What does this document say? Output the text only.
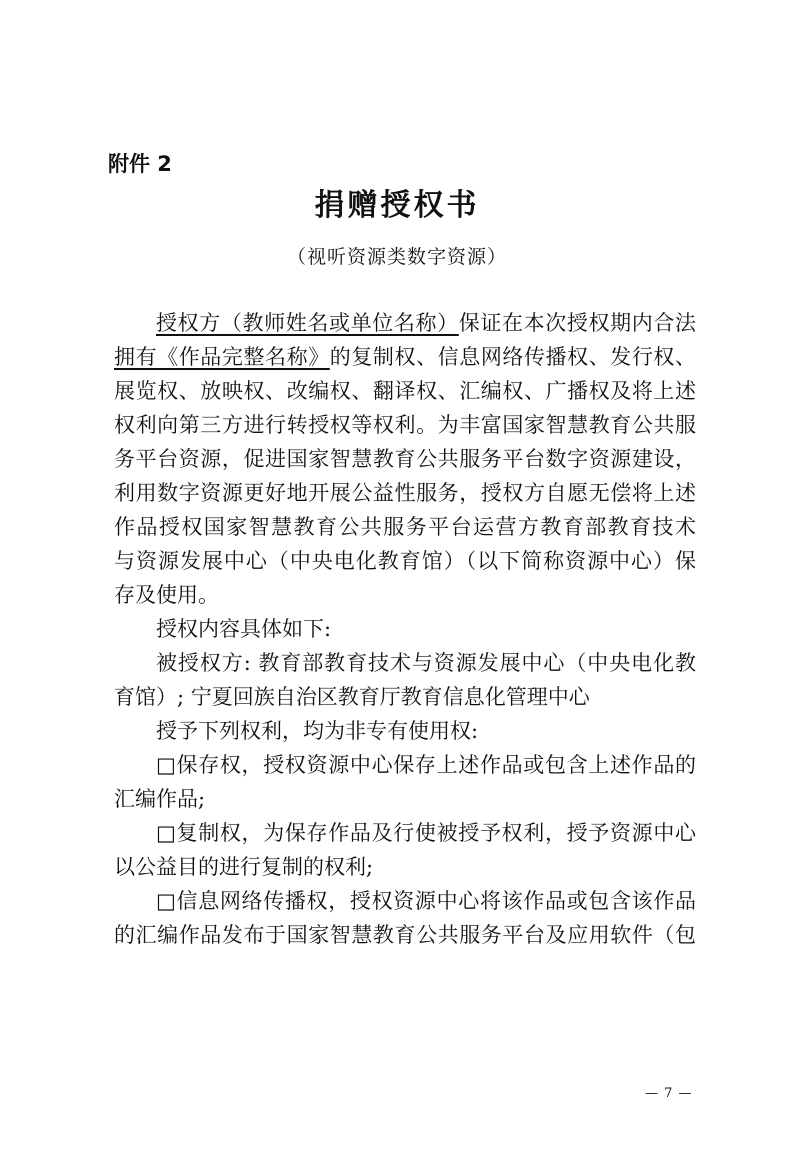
附件 2
捐赠授权书
（视听资源类数字资源）
授权方（教师姓名或单位名称）保证在本次授权期内合法
拥有《作品完整名称》的复制权、信息网络传播权、发行权、
展览权、放映权、改编权、翻译权、汇编权、广播权及将上述
权利向第三方进行转授权等权利。为丰富国家智慧教育公共服
务平台资源，促进国家智慧教育公共服务平台数字资源建设，
利用数字资源更好地开展公益性服务，授权方自愿无偿将上述
作品授权国家智慧教育公共服务平台运营方教育部教育技术
与资源发展中心（中央电化教育馆）（以下简称资源中心）保
存及使用。
授权内容具体如下:
被授权方: 教育部教育技术与资源发展中心（中央电化教
育馆）; 宁夏回族自治区教育厅教育信息化管理中心
授予下列权利，均为非专有使用权:
□保存权，授权资源中心保存上述作品或包含上述作品的
汇编作品;
□复制权，为保存作品及行使被授予权利，授予资源中心
以公益目的进行复制的权利;
□信息网络传播权，授权资源中心将该作品或包含该作品
的汇编作品发布于国家智慧教育公共服务平台及应用软件（包
— 7 —
